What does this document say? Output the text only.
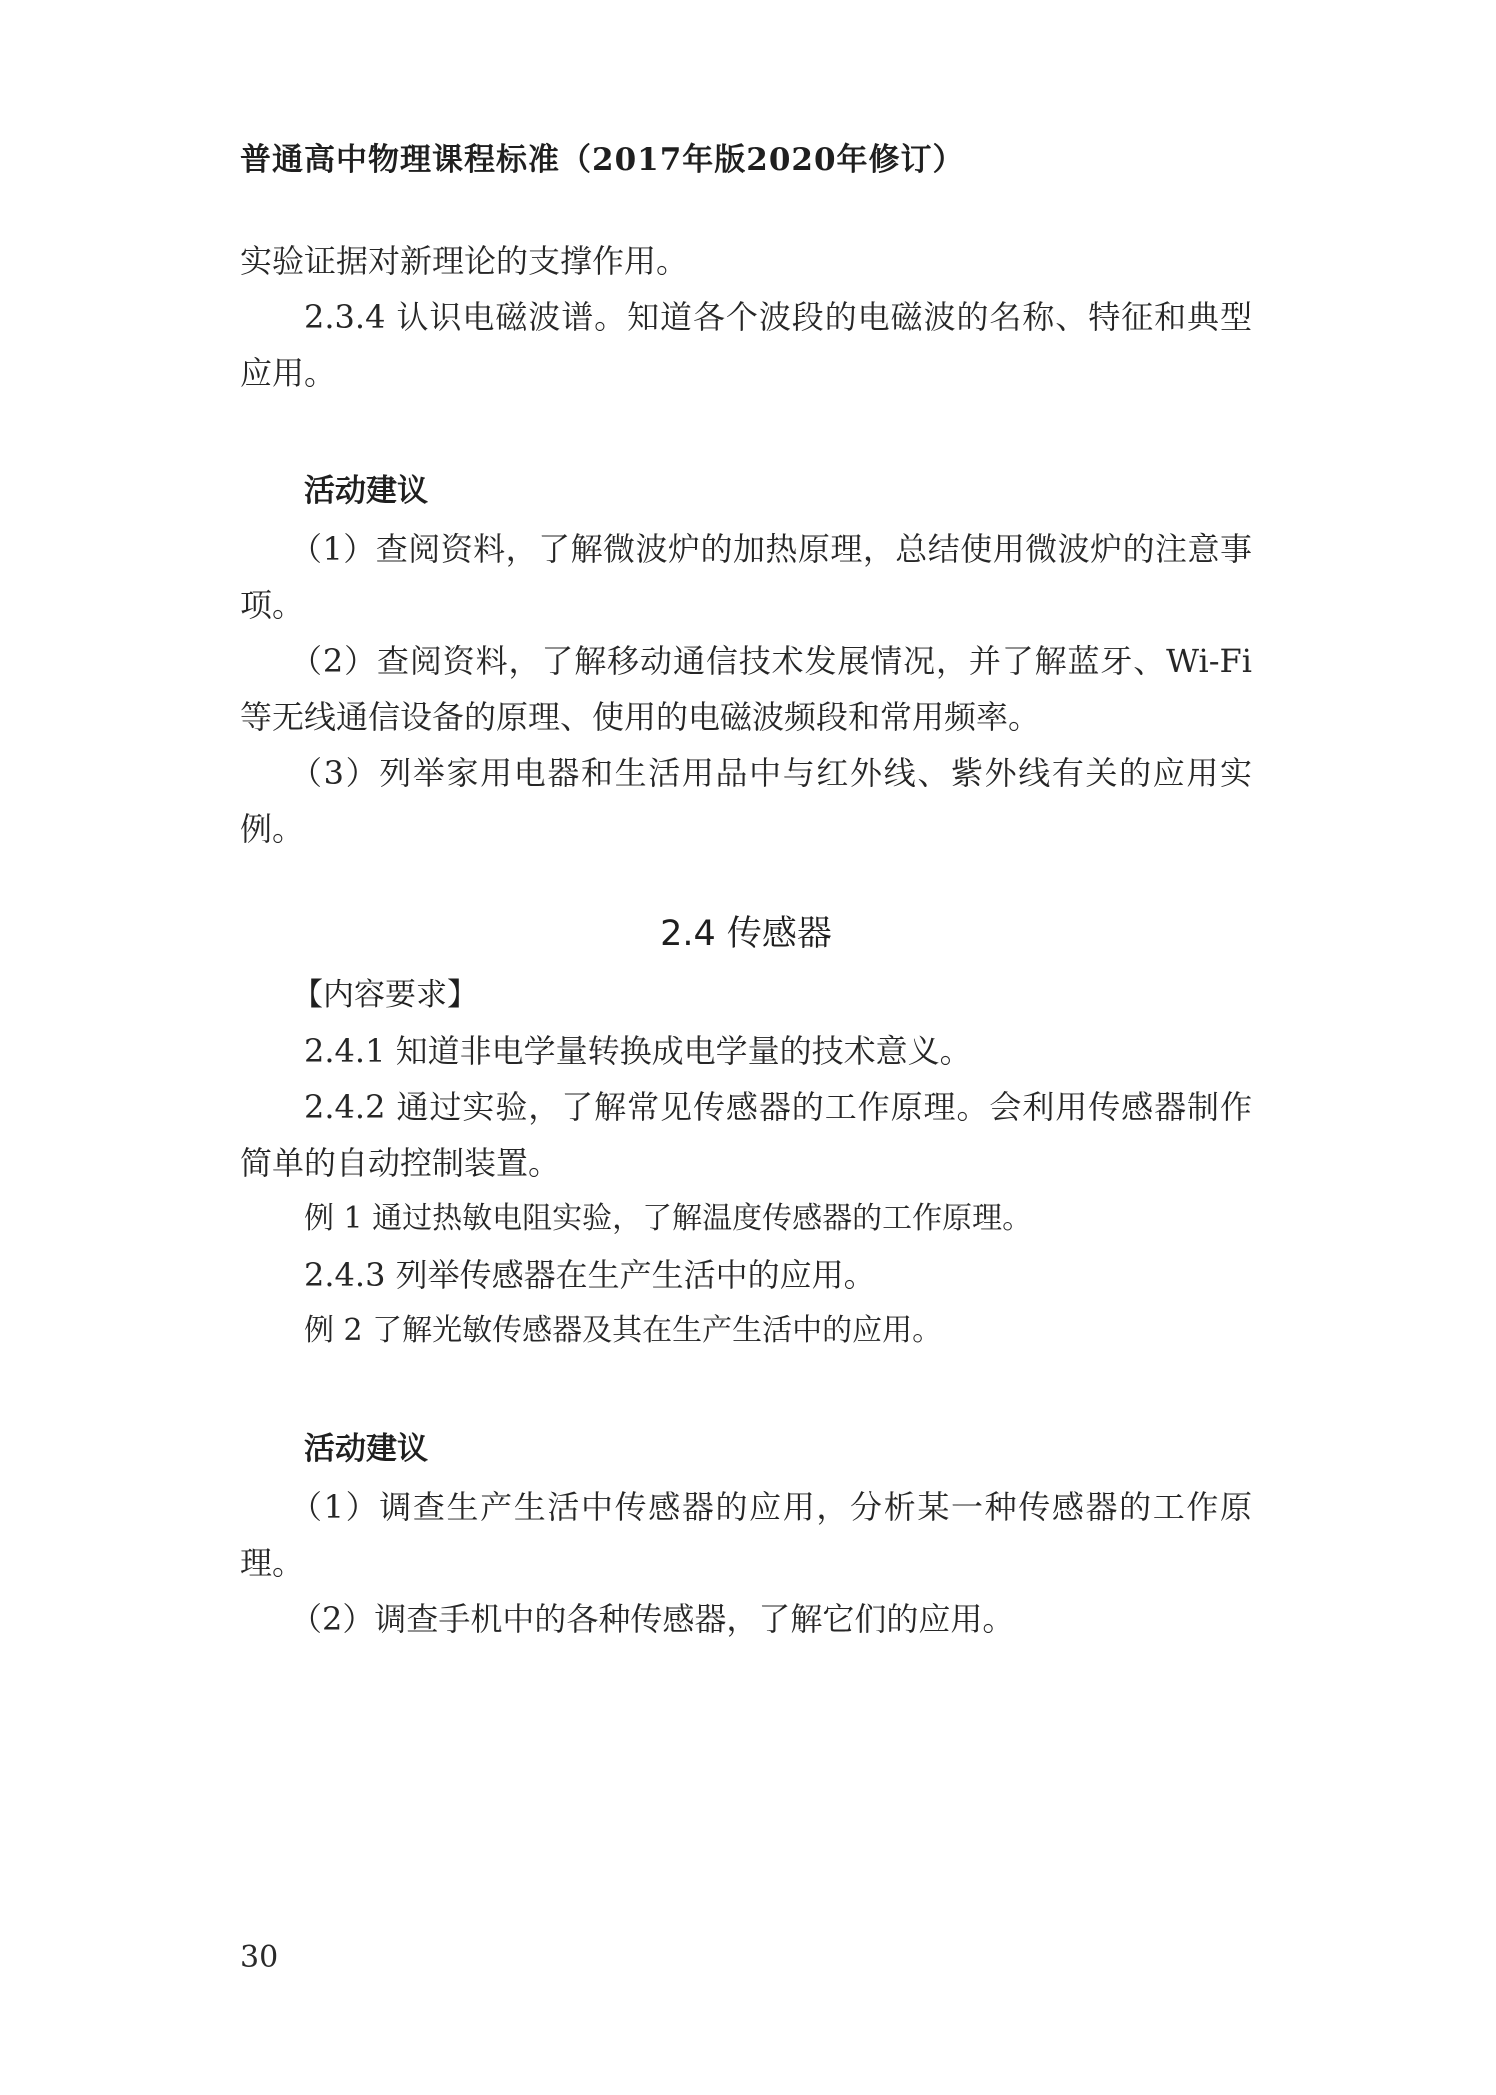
普通高中物理课程标准（2017年版2020年修订）

实验证据对新理论的支撑作用。

2.3.4 认识电磁波谱。知道各个波段的电磁波的名称、特征和典型应用。

活动建议

（1）查阅资料，了解微波炉的加热原理，总结使用微波炉的注意事项。

（2）查阅资料，了解移动通信技术发展情况，并了解蓝牙、Wi-Fi等无线通信设备的原理、使用的电磁波频段和常用频率。

（3）列举家用电器和生活用品中与红外线、紫外线有关的应用实例。

2.4 传感器

【内容要求】

2.4.1 知道非电学量转换成电学量的技术意义。

2.4.2 通过实验，了解常见传感器的工作原理。会利用传感器制作简单的自动控制装置。

例 1 通过热敏电阻实验，了解温度传感器的工作原理。

2.4.3 列举传感器在生产生活中的应用。

例 2 了解光敏传感器及其在生产生活中的应用。

活动建议

（1）调查生产生活中传感器的应用，分析某一种传感器的工作原理。

（2）调查手机中的各种传感器，了解它们的应用。

30
